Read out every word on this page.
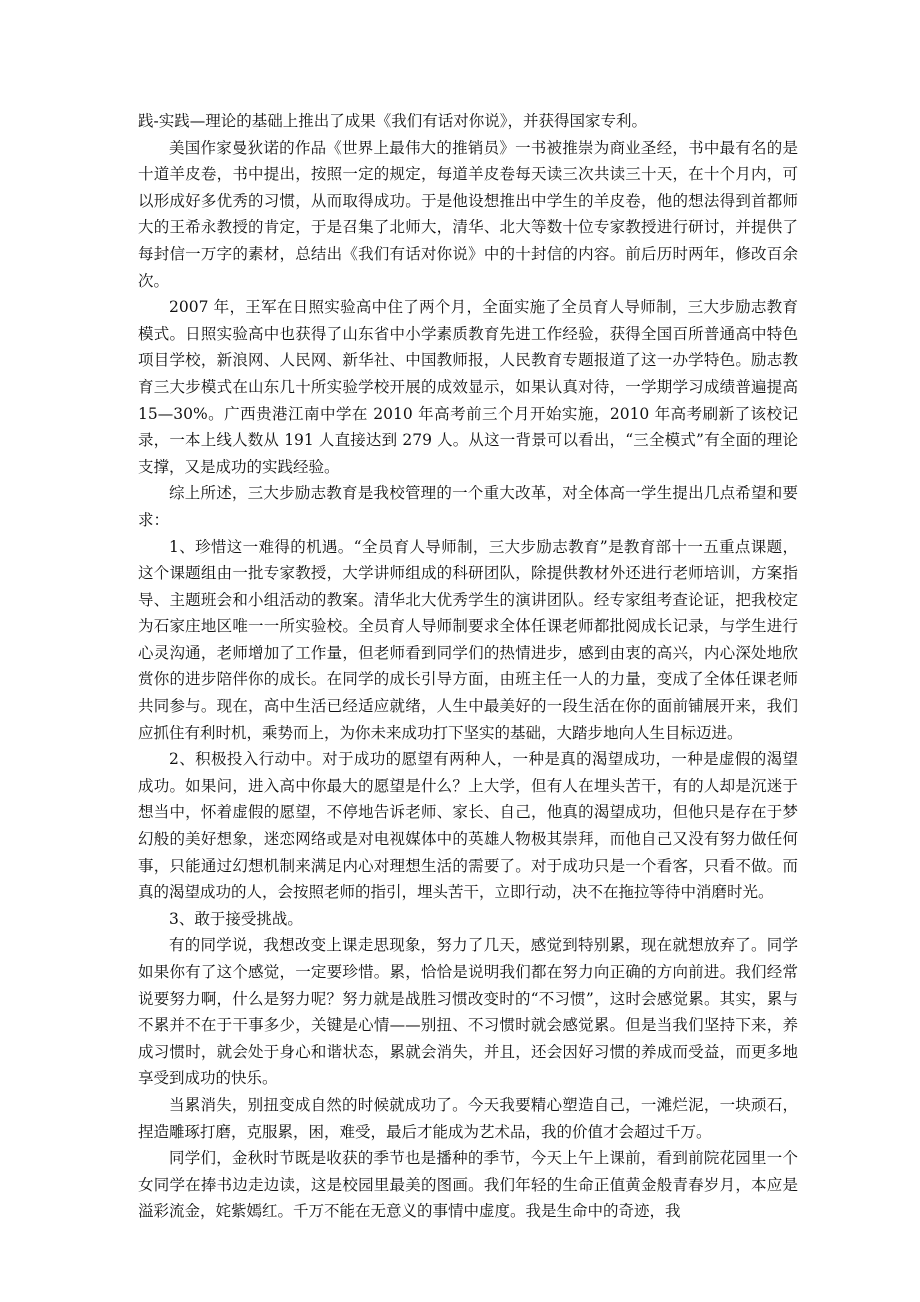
践-实践—理论的基础上推出了成果《我们有话对你说》，并获得国家专利。

美国作家曼狄诺的作品《世界上最伟大的推销员》一书被推崇为商业圣经，书中最有名的是十道羊皮卷，书中提出，按照一定的规定，每道羊皮卷每天读三次共读三十天，在十个月内，可以形成好多优秀的习惯，从而取得成功。于是他设想推出中学生的羊皮卷，他的想法得到首都师大的王希永教授的肯定，于是召集了北师大，清华、北大等数十位专家教授进行研讨，并提供了每封信一万字的素材，总结出《我们有话对你说》中的十封信的内容。前后历时两年，修改百余次。

2007 年，王军在日照实验高中住了两个月，全面实施了全员育人导师制，三大步励志教育模式。日照实验高中也获得了山东省中小学素质教育先进工作经验，获得全国百所普通高中特色项目学校，新浪网、人民网、新华社、中国教师报，人民教育专题报道了这一办学特色。励志教育三大步模式在山东几十所实验学校开展的成效显示，如果认真对待，一学期学习成绩普遍提高 15—30%。广西贵港江南中学在 2010 年高考前三个月开始实施，2010 年高考刷新了该校记录，一本上线人数从 191 人直接达到 279 人。从这一背景可以看出，“三全模式”有全面的理论支撑，又是成功的实践经验。

综上所述，三大步励志教育是我校管理的一个重大改革，对全体高一学生提出几点希望和要求：

1、珍惜这一难得的机遇。“全员育人导师制，三大步励志教育”是教育部十一五重点课题，这个课题组由一批专家教授，大学讲师组成的科研团队，除提供教材外还进行老师培训，方案指导、主题班会和小组活动的教案。清华北大优秀学生的演讲团队。经专家组考查论证，把我校定为石家庄地区唯一一所实验校。全员育人导师制要求全体任课老师都批阅成长记录，与学生进行心灵沟通，老师增加了工作量，但老师看到同学们的热情进步，感到由衷的高兴，内心深处地欣赏你的进步陪伴你的成长。在同学的成长引导方面，由班主任一人的力量，变成了全体任课老师共同参与。现在，高中生活已经适应就绪，人生中最美好的一段生活在你的面前铺展开来，我们应抓住有利时机，乘势而上，为你未来成功打下坚实的基础，大踏步地向人生目标迈进。

2、积极投入行动中。对于成功的愿望有两种人，一种是真的渴望成功，一种是虚假的渴望成功。如果问，进入高中你最大的愿望是什么？上大学，但有人在埋头苦干，有的人却是沉迷于想当中，怀着虚假的愿望，不停地告诉老师、家长、自己，他真的渴望成功，但他只是存在于梦幻般的美好想象，迷恋网络或是对电视媒体中的英雄人物极其崇拜，而他自己又没有努力做任何事，只能通过幻想机制来满足内心对理想生活的需要了。对于成功只是一个看客，只看不做。而真的渴望成功的人，会按照老师的指引，埋头苦干，立即行动，决不在拖拉等待中消磨时光。

3、敢于接受挑战。

有的同学说，我想改变上课走思现象，努力了几天，感觉到特别累，现在就想放弃了。同学如果你有了这个感觉，一定要珍惜。累，恰恰是说明我们都在努力向正确的方向前进。我们经常说要努力啊，什么是努力呢？努力就是战胜习惯改变时的“不习惯”，这时会感觉累。其实，累与不累并不在于干事多少，关键是心情——别扭、不习惯时就会感觉累。但是当我们坚持下来，养成习惯时，就会处于身心和谐状态，累就会消失，并且，还会因好习惯的养成而受益，而更多地享受到成功的快乐。

当累消失，别扭变成自然的时候就成功了。今天我要精心塑造自己，一滩烂泥，一块顽石，捏造雕琢打磨，克服累，困，难受，最后才能成为艺术品，我的价值才会超过千万。

同学们，金秋时节既是收获的季节也是播种的季节，今天上午上课前，看到前院花园里一个女同学在捧书边走边读，这是校园里最美的图画。我们年轻的生命正值黄金般青春岁月，本应是溢彩流金，姹紫嫣红。千万不能在无意义的事情中虚度。我是生命中的奇迹，我
